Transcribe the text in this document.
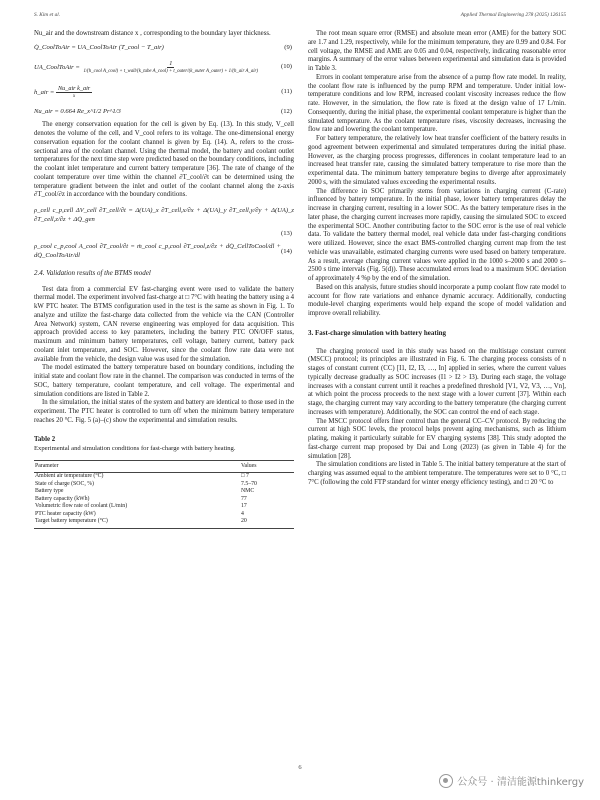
S. Kim et al.	Applied Thermal Engineering 278 (2025) 126155

Nu_air and the downstream distance x , corresponding to the boundary layer thickness.

Q̇_CoolToAir = UA_CoolToAir (T_cool − T_air)	(9)
UA_CoolToAir =
1
1/(h_cool A_cool) + t_wall/(k_tube A_cool) + t_outer/(k_outer A_outer) + 1/(h_air A_air)
(10)
h_air = $\frac{\text{Nu\_air k\_air}}{x}$	(11)
Nu_air = 0.664 Re_x^1/2 Pr^1/3	(12)

The energy conservation equation for the cell is given by Eq. (13). In this study, V_cell denotes the volume of the cell, and V_cool refers to its voltage. The one-dimensional energy conservation equation for the coolant channel is given by Eq. (14). A, refers to the cross-sectional area of the coolant channel. Using the thermal model, the battery and coolant outlet temperatures for the next time step were predicted based on the boundary conditions, including the coolant inlet temperature and current battery temperature [36]. The rate of change of the coolant temperature over time within the channel ∂T_cool/∂t can be determined using the temperature gradient between the inlet and outlet of the coolant channel along the z-axis ∂T_cool/∂z in accordance with the boundary conditions.

ρ_cell c_p,cell ΔV_cell ∂T_cell/∂t = Δ(UA)_x ∂T_cell,x/∂x + Δ(UA)_y ∂T_cell,y/∂y + Δ(UA)_z ∂T_cell,z/∂z + ΔQ̇_gen
(13)
ρ_cool c_p,cool A_cool ∂T_cool/∂t = ṁ_cool c_p,cool ∂T_cool,z/∂z + dQ̇_CellToCool/dl + dQ̇_CoolToAir/dl
(14)
2.4. Validation results of the BTMS model

Test data from a commercial EV fast-charging event were used to validate the battery thermal model. The experiment involved fast-charge at □ 7°C with heating the battery using a 4 kW PTC heater. The BTMS configuration used in the test is the same as shown in Fig. 1. To analyze and utilize the fast-charge data collected from the vehicle via the CAN (Controller Area Network) system, CAN reverse engineering was employed for data acquisition. This approach provided access to key parameters, including the battery PTC ON/OFF status, maximum and minimum battery temperatures, cell voltage, battery current, battery pack coolant inlet temperature, and SOC. However, since the coolant flow rate data were not available from the vehicle, the design value was used for the simulation.

The model estimated the battery temperature based on boundary conditions, including the initial state and coolant flow rate in the channel. The comparison was conducted in terms of the SOC, battery temperature, coolant temperature, and cell voltage. The experimental and simulation conditions are listed in Table 2.

In the simulation, the initial states of the system and battery are identical to those used in the experiment. The PTC heater is controlled to turn off when the minimum battery temperature reaches 20 °C. Fig. 5 (a)–(c) show the experimental and simulation results.

Table 2
Experimental and simulation conditions for fast-charge with battery heating.
Parameter	Values
Ambient air temperature (°C)	□ 7
State of charge (SOC, %)	7.5–70
Battery type	NMC
Battery capacity (kWh)	77
Volumetric flow rate of coolant (L/min)	17
PTC heater capacity (kW)	4
Target battery temperature (°C)	20

The root mean square error (RMSE) and absolute mean error (AME) for the battery SOC are 1.7 and 1.29, respectively, while for the minimum temperature, they are 0.99 and 0.84. For cell voltage, the RMSE and AME are 0.05 and 0.04, respectively, indicating reasonable error margins. A summary of the error values between experimental and simulation data is provided in Table 3.

Errors in coolant temperature arise from the absence of a pump flow rate model. In reality, the coolant flow rate is influenced by the pump RPM and temperature. Under initial low-temperature conditions and low RPM, increased coolant viscosity increases reduce the flow rate. However, in the simulation, the flow rate is fixed at the design value of 17 L/min. Consequently, during the initial phase, the experimental coolant temperature is higher than the simulated temperature. As the coolant temperature rises, viscosity decreases, increasing the flow rate and lowering the coolant temperature.

For battery temperature, the relatively low heat transfer coefficient of the battery results in good agreement between experimental and simulated temperatures during the initial phase. However, as the charging process progresses, differences in coolant temperature lead to an increased heat transfer rate, causing the simulated battery temperature to rise more than the experimental data. The minimum battery temperature begins to diverge after approximately 2000 s, with the simulated values exceeding the experimental results.

The difference in SOC primarily stems from variations in charging current (C-rate) influenced by battery temperature. In the initial phase, lower battery temperatures delay the increase in charging current, resulting in a lower SOC. As the battery temperature rises in the later phase, the charging current increases more rapidly, causing the simulated SOC to exceed the experimental SOC. Another contributing factor to the SOC error is the use of real vehicle data. To validate the battery thermal model, real vehicle data under fast-charging conditions were utilized. However, since the exact BMS-controlled charging current map from the test vehicle was unavailable, estimated charging currents were used based on battery temperature. As a result, average charging current values were applied in the 1000 s–2000 s and 2000 s–2500 s time intervals (Fig. 5(d)). These accumulated errors lead to a maximum SOC deviation of approximately 4 %p by the end of the simulation.

Based on this analysis, future studies should incorporate a pump coolant flow rate model to account for flow rate variations and enhance dynamic accuracy. Additionally, conducting module-level charging experiments would help expand the scope of model validation and improve overall reliability.

3. Fast-charge simulation with battery heating

The charging protocol used in this study was based on the multistage constant current (MSCC) protocol; its principles are illustrated in Fig. 6. The charging process consists of n stages of constant current (CC) [I1, I2, I3, …, In] applied in series, where the current values typically decrease gradually as SOC increases (I1 > I2 > I3). During each stage, the voltage increases with a constant current until it reaches a predefined threshold [V1, V2, V3, …, Vn], at which point the process proceeds to the next stage with a lower current [37]. Within each stage, the charging current may vary according to the battery temperature (the charging current increases with temperature). Additionally, the SOC can control the end of each stage.

The MSCC protocol offers finer control than the general CC–CV protocol. By reducing the current at high SOC levels, the protocol helps prevent aging mechanisms, such as lithium plating, making it particularly suitable for EV charging systems [38]. This study adopted the fast-charge current map proposed by Dai and Long (2023) (as given in Table 4) for the simulation [28].

The simulation conditions are listed in Table 5. The initial battery temperature at the start of charging was assumed equal to the ambient temperature. The temperatures were set to 0 °C, □ 7°C (following the cold FTP standard for winter energy efficiency testing), and □ 20 °C to

6
公众号 · 清洁能源thinkergy
